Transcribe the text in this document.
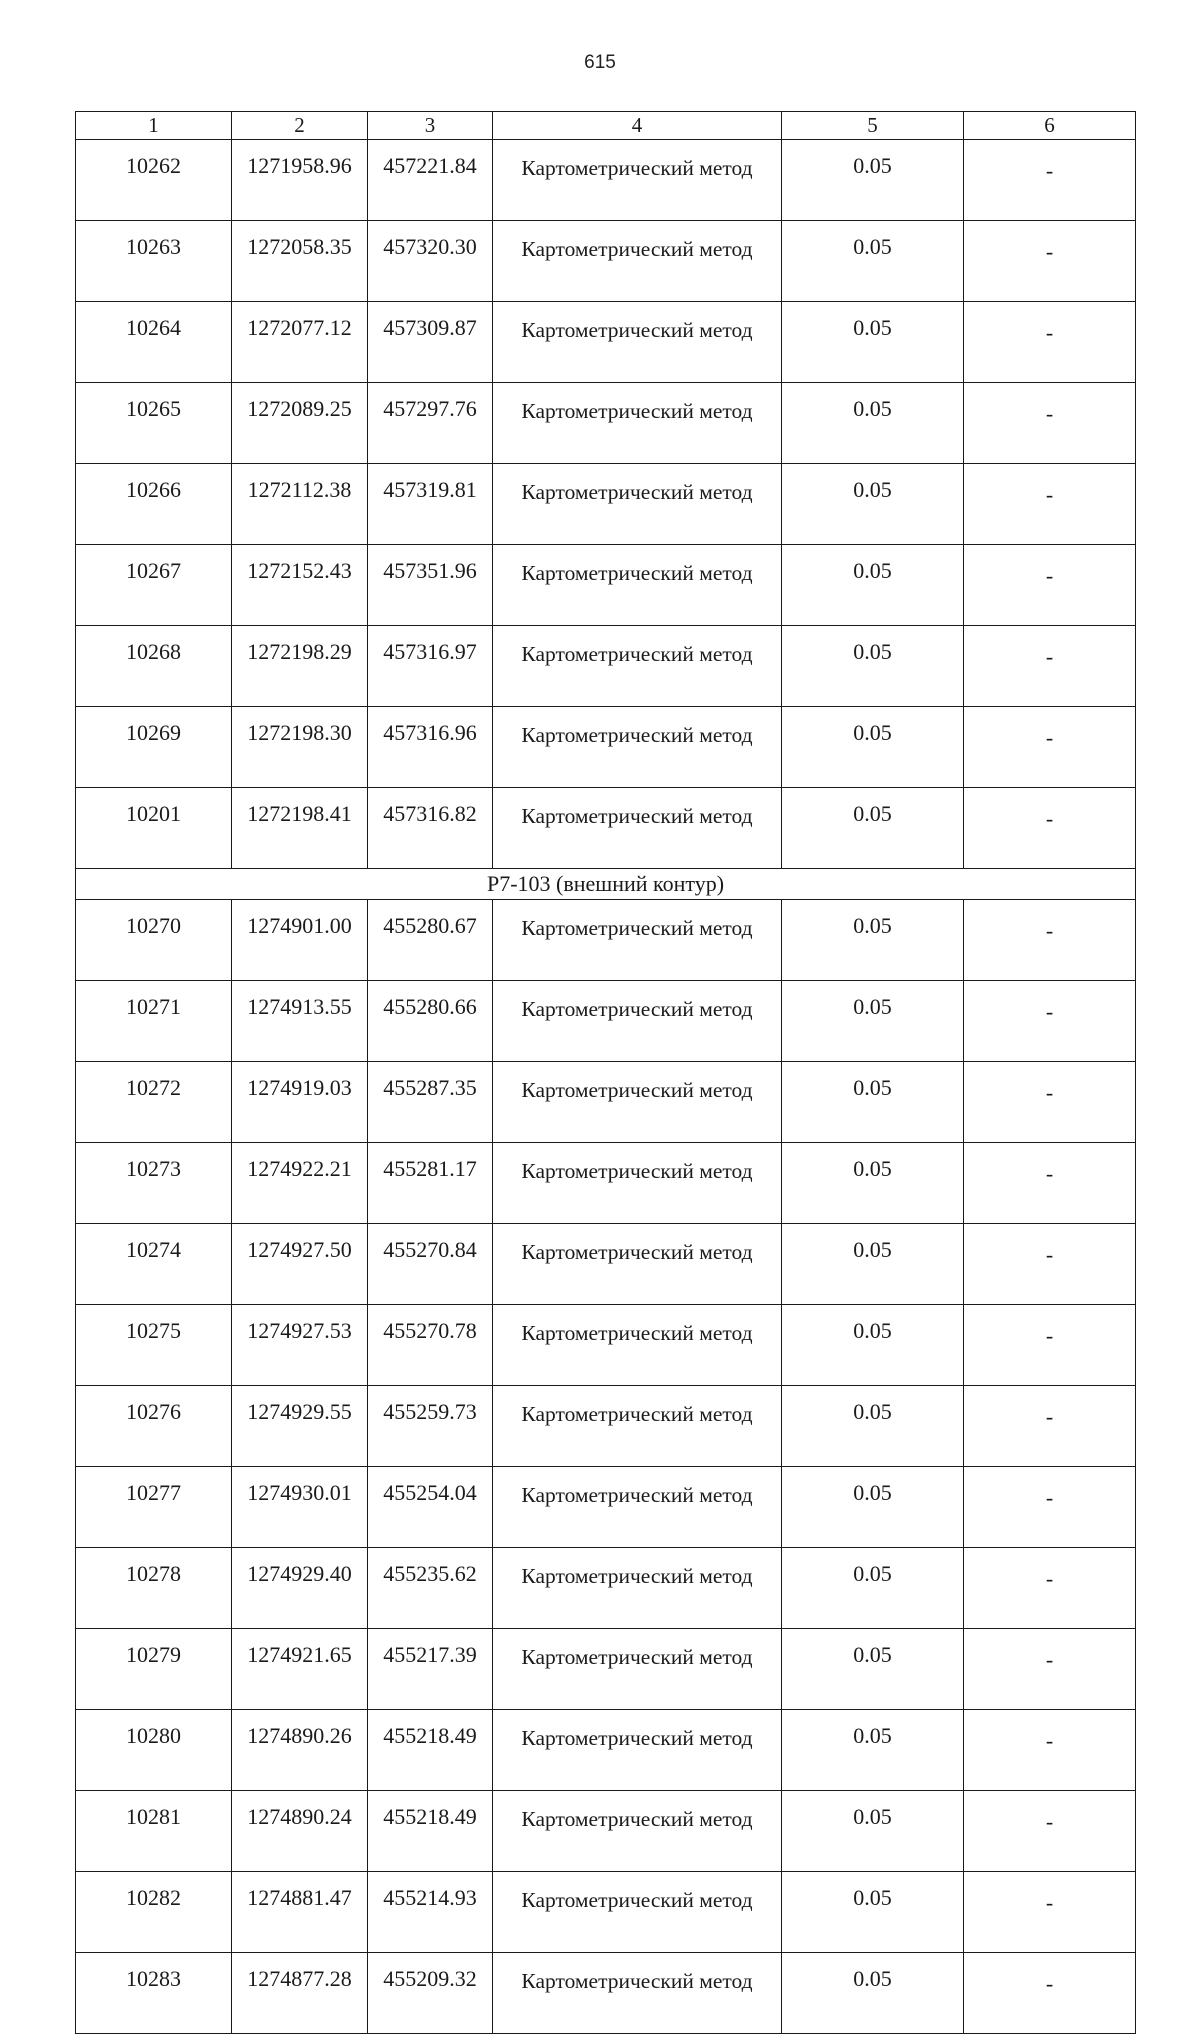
615
1	2	3	4	5	6
10262	1271958.96	457221.84	Картометрический метод	0.05	-
10263	1272058.35	457320.30	Картометрический метод	0.05	-
10264	1272077.12	457309.87	Картометрический метод	0.05	-
10265	1272089.25	457297.76	Картометрический метод	0.05	-
10266	1272112.38	457319.81	Картометрический метод	0.05	-
10267	1272152.43	457351.96	Картометрический метод	0.05	-
10268	1272198.29	457316.97	Картометрический метод	0.05	-
10269	1272198.30	457316.96	Картометрический метод	0.05	-
10201	1272198.41	457316.82	Картометрический метод	0.05	-
Р7-103 (внешний контур)					
10270	1274901.00	455280.67	Картометрический метод	0.05	-
10271	1274913.55	455280.66	Картометрический метод	0.05	-
10272	1274919.03	455287.35	Картометрический метод	0.05	-
10273	1274922.21	455281.17	Картометрический метод	0.05	-
10274	1274927.50	455270.84	Картометрический метод	0.05	-
10275	1274927.53	455270.78	Картометрический метод	0.05	-
10276	1274929.55	455259.73	Картометрический метод	0.05	-
10277	1274930.01	455254.04	Картометрический метод	0.05	-
10278	1274929.40	455235.62	Картометрический метод	0.05	-
10279	1274921.65	455217.39	Картометрический метод	0.05	-
10280	1274890.26	455218.49	Картометрический метод	0.05	-
10281	1274890.24	455218.49	Картометрический метод	0.05	-
10282	1274881.47	455214.93	Картометрический метод	0.05	-
10283	1274877.28	455209.32	Картометрический метод	0.05	-
